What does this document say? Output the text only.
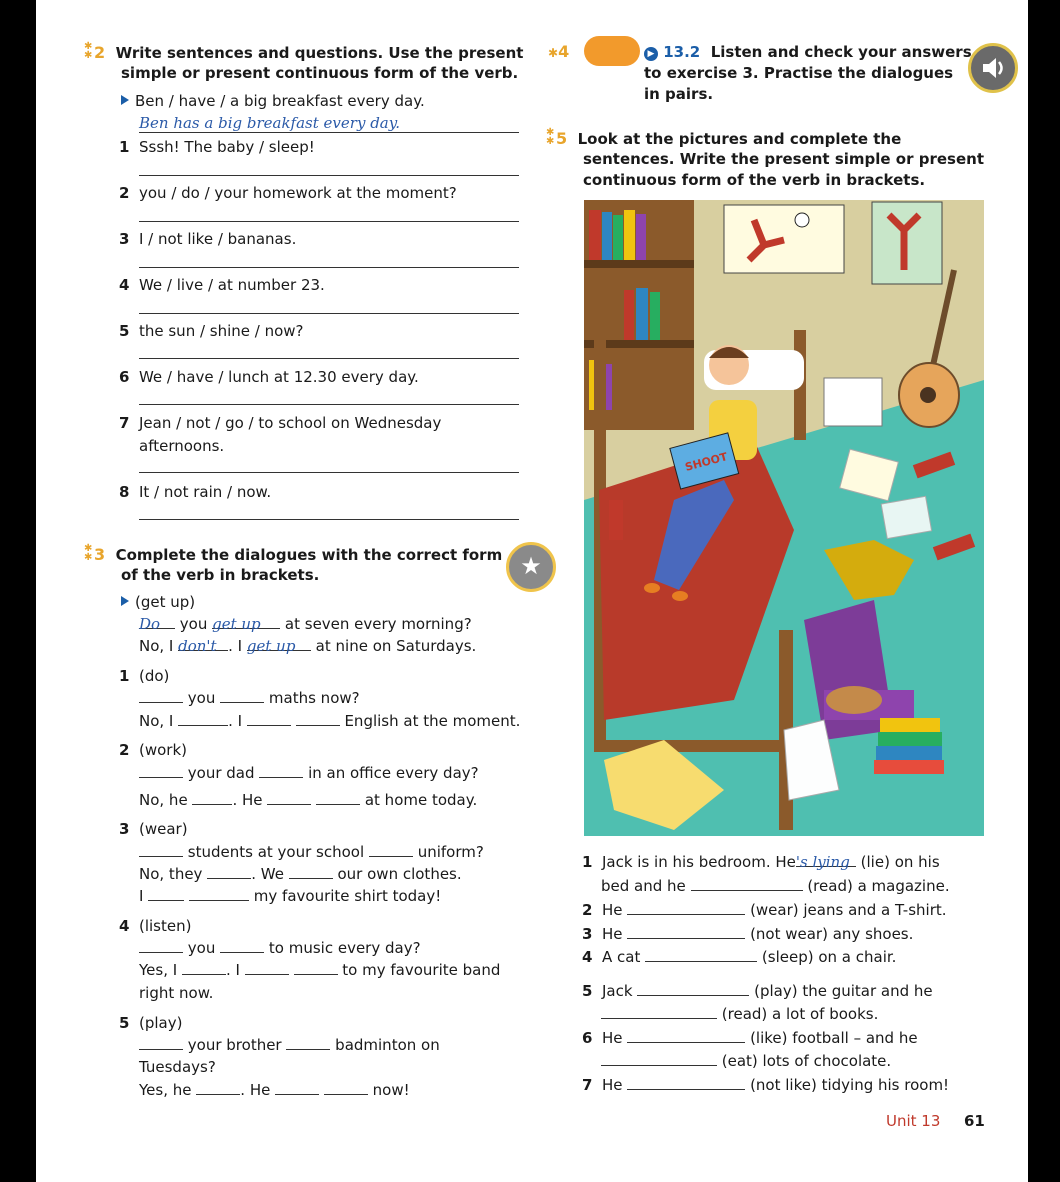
✱
✱ 2 Write sentences and questions. Use the present
simple or present continuous form of the verb.
Ben / have / a big breakfast every day.
Ben has a big breakfast every day.
1 Sssh! The baby / sleep!
2 you / do / your homework at the moment?
3 I / not like / bananas.
4 We / live / at number 23.
5 the sun / shine / now?
6 We / have / lunch at 12.30 every day.
7 Jean / not / go / to school on Wednesday
afternoons.
8 It / not rain / now.
✱
✱ 3 Complete the dialogues with the correct form
of the verb in brackets.	★
(get up)
Do you get up at seven every morning?
No, I don't . I get up at nine on Saturdays.
1 (do)
you	maths now?
No, I	. I	English at the moment.
2 (work)
your dad	in an office every day?
No, he	. He	at home today.
3 (wear)
students at your school	uniform?
No, they	. We	our own clothes.
I	my favourite shirt today!
4 (listen)
you	to music every day?
Yes, I	. I	to my favourite band
right now.
5 (play)
your brother	badminton on
Tuesdays?
Yes, he	. He	now!
✱4	▶ 13.2 Listen and check your answers
to exercise 3. Practise the dialogues
in pairs.
✱
✱ 5 Look at the pictures and complete the
sentences. Write the present simple or present
continuous form of the verb in brackets.
SHOOT
1 Jack is in his bedroom. He's lying (lie) on his
bed and he	(read) a magazine.
2 He	(wear) jeans and a T-shirt.
3 He	(not wear) any shoes.
4 A cat	(sleep) on a chair.
5 Jack	(play) the guitar and he
(read) a lot of books.
6 He	(like) football – and he
(eat) lots of chocolate.
7 He	(not like) tidying his room!
Unit 13 61
